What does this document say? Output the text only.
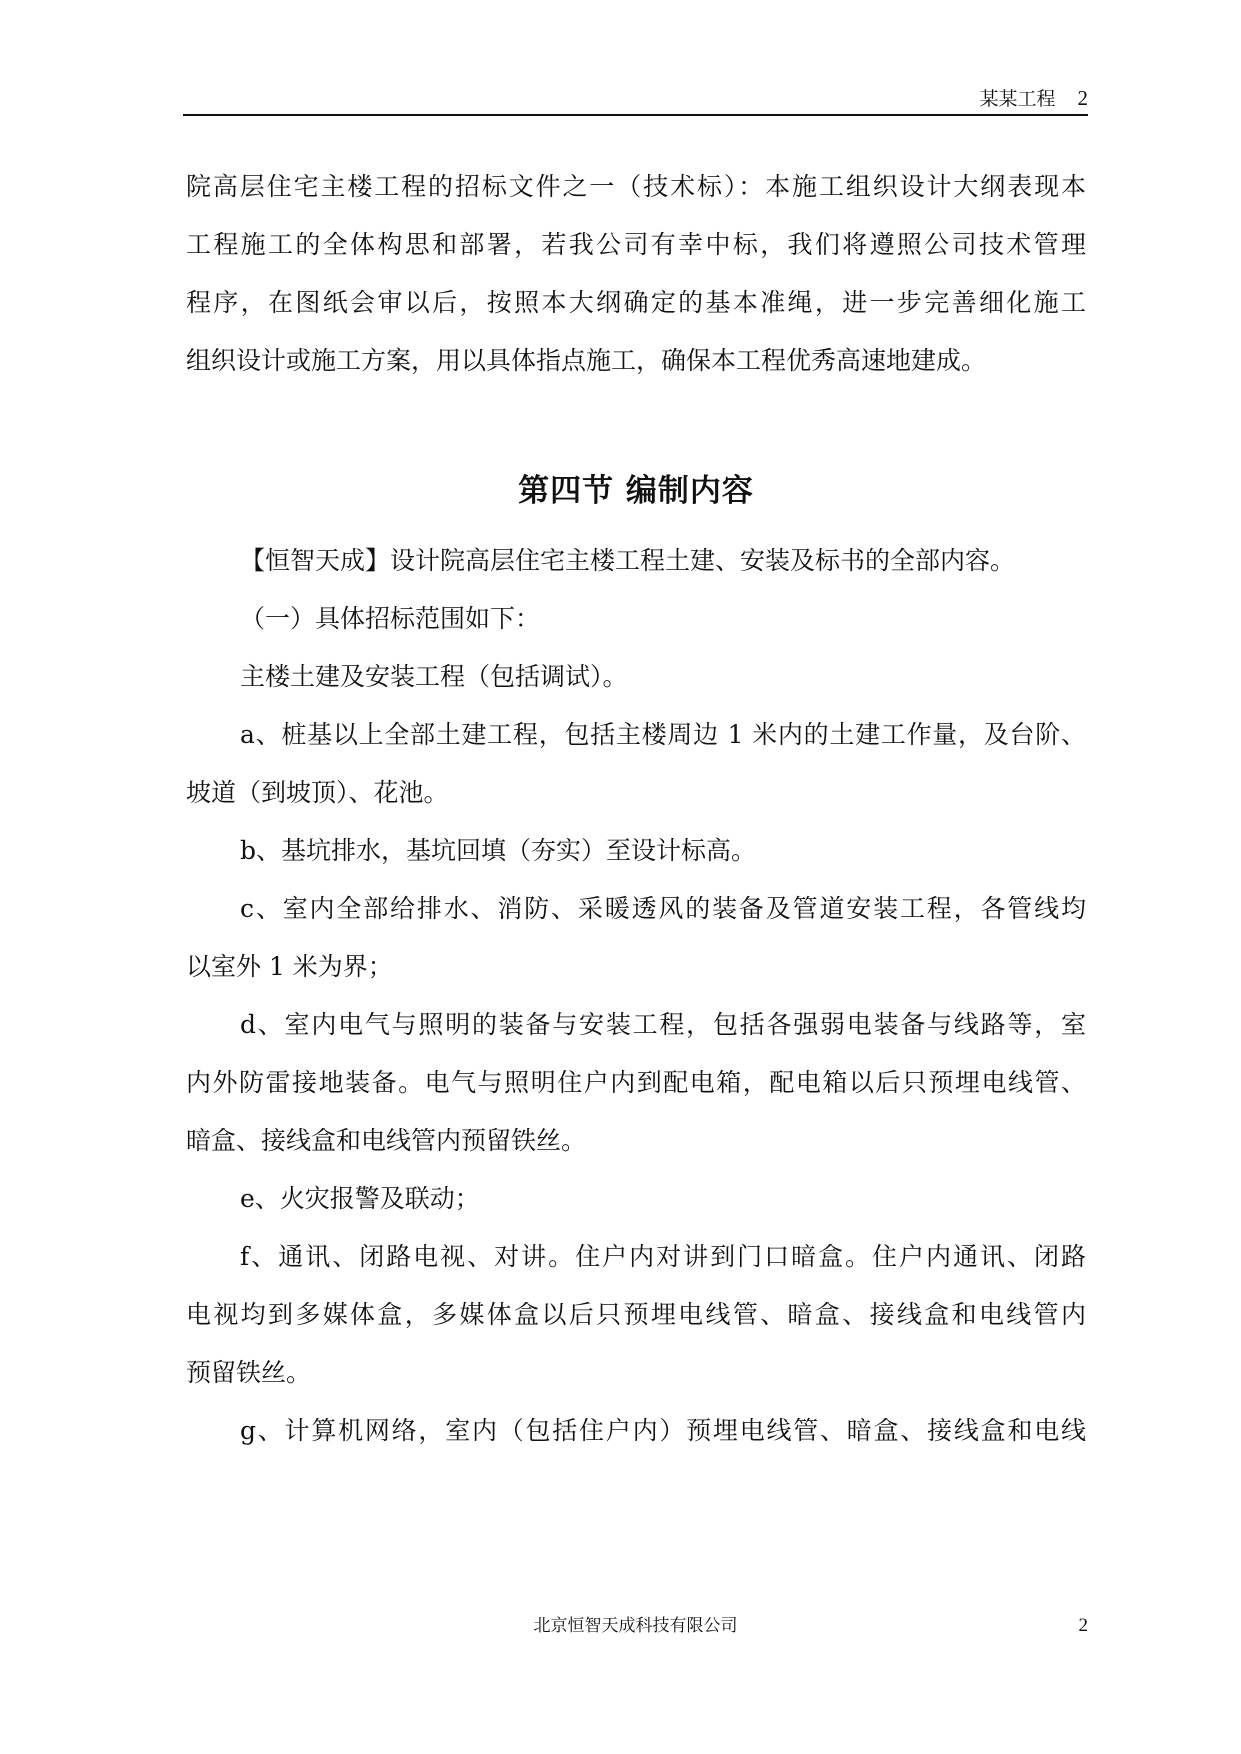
某某工程 2

院高层住宅主楼工程的招标文件之一（技术标）：本施工组织设计大纲表现本

工程施工的全体构思和部署，若我公司有幸中标，我们将遵照公司技术管理

程序，在图纸会审以后，按照本大纲确定的基本准绳，进一步完善细化施工

组织设计或施工方案，用以具体指点施工，确保本工程优秀高速地建成。

第四节 编制内容

【恒智天成】设计院高层住宅主楼工程土建、安装及标书的全部内容。

（一）具体招标范围如下：

主楼土建及安装工程（包括调试）。

a、桩基以上全部土建工程，包括主楼周边 1 米内的土建工作量，及台阶、

坡道（到坡顶）、花池。

b、基坑排水，基坑回填（夯实）至设计标高。

c、室内全部给排水、消防、采暖透风的装备及管道安装工程，各管线均

以室外 1 米为界；

d、室内电气与照明的装备与安装工程，包括各强弱电装备与线路等，室

内外防雷接地装备。电气与照明住户内到配电箱，配电箱以后只预埋电线管、

暗盒、接线盒和电线管内预留铁丝。

e、火灾报警及联动；

f、通讯、闭路电视、对讲。住户内对讲到门口暗盒。住户内通讯、闭路

电视均到多媒体盒，多媒体盒以后只预埋电线管、暗盒、接线盒和电线管内

预留铁丝。

g、计算机网络，室内（包括住户内）预埋电线管、暗盒、接线盒和电线

北京恒智天成科技有限公司	2
